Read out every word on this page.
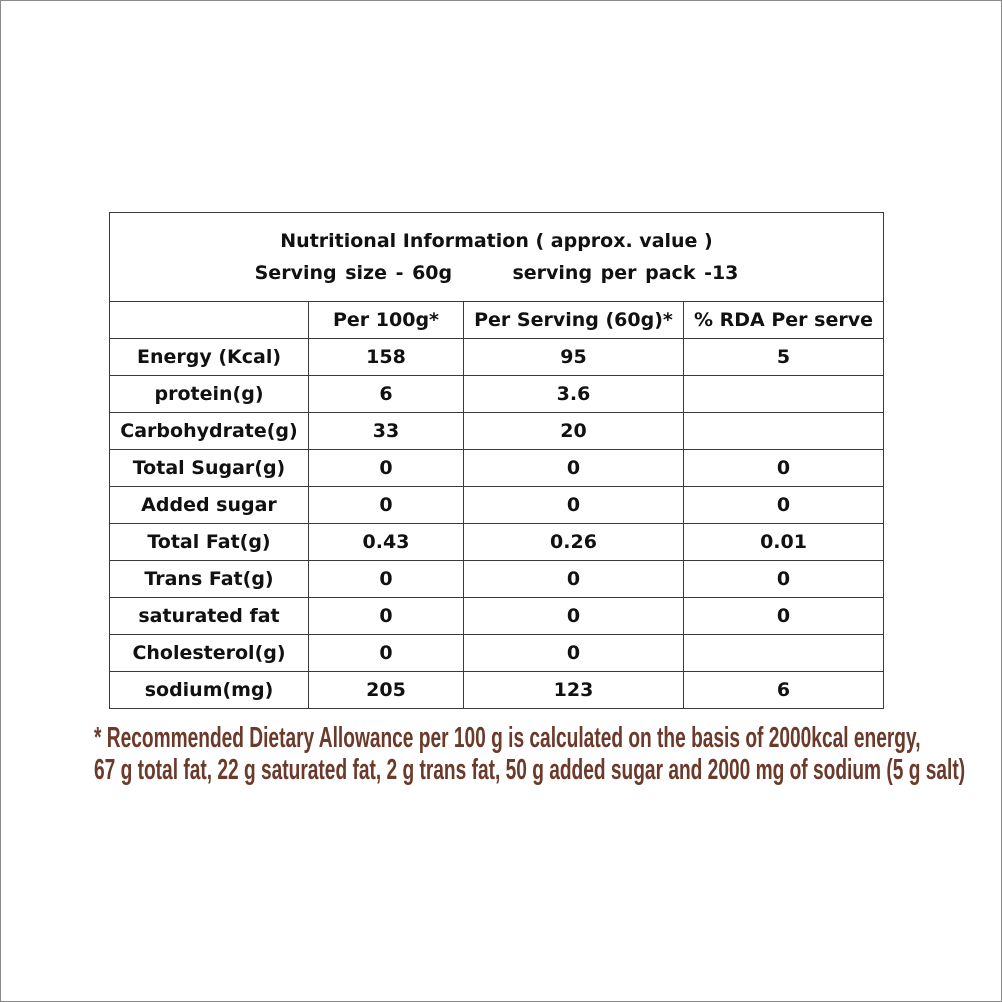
Nutritional Information ( approx. value )
Serving size - 60g serving per pack -13			

	Per 100g*	Per Serving (60g)*	% RDA Per serve
Energy (Kcal)	158	95	5
protein(g)	6	3.6	
Carbohydrate(g)	33	20	
Total Sugar(g)	0	0	0
Added sugar	0	0	0
Total Fat(g)	0.43	0.26	0.01
Trans Fat(g)	0	0	0
saturated fat	0	0	0
Cholesterol(g)	0	0	
sodium(mg)	205	123	6
* Recommended Dietary Allowance per 100 g is calculated on the basis of 2000kcal energy,
67 g total fat, 22 g saturated fat, 2 g trans fat, 50 g added sugar and 2000 mg of sodium (5 g salt)
